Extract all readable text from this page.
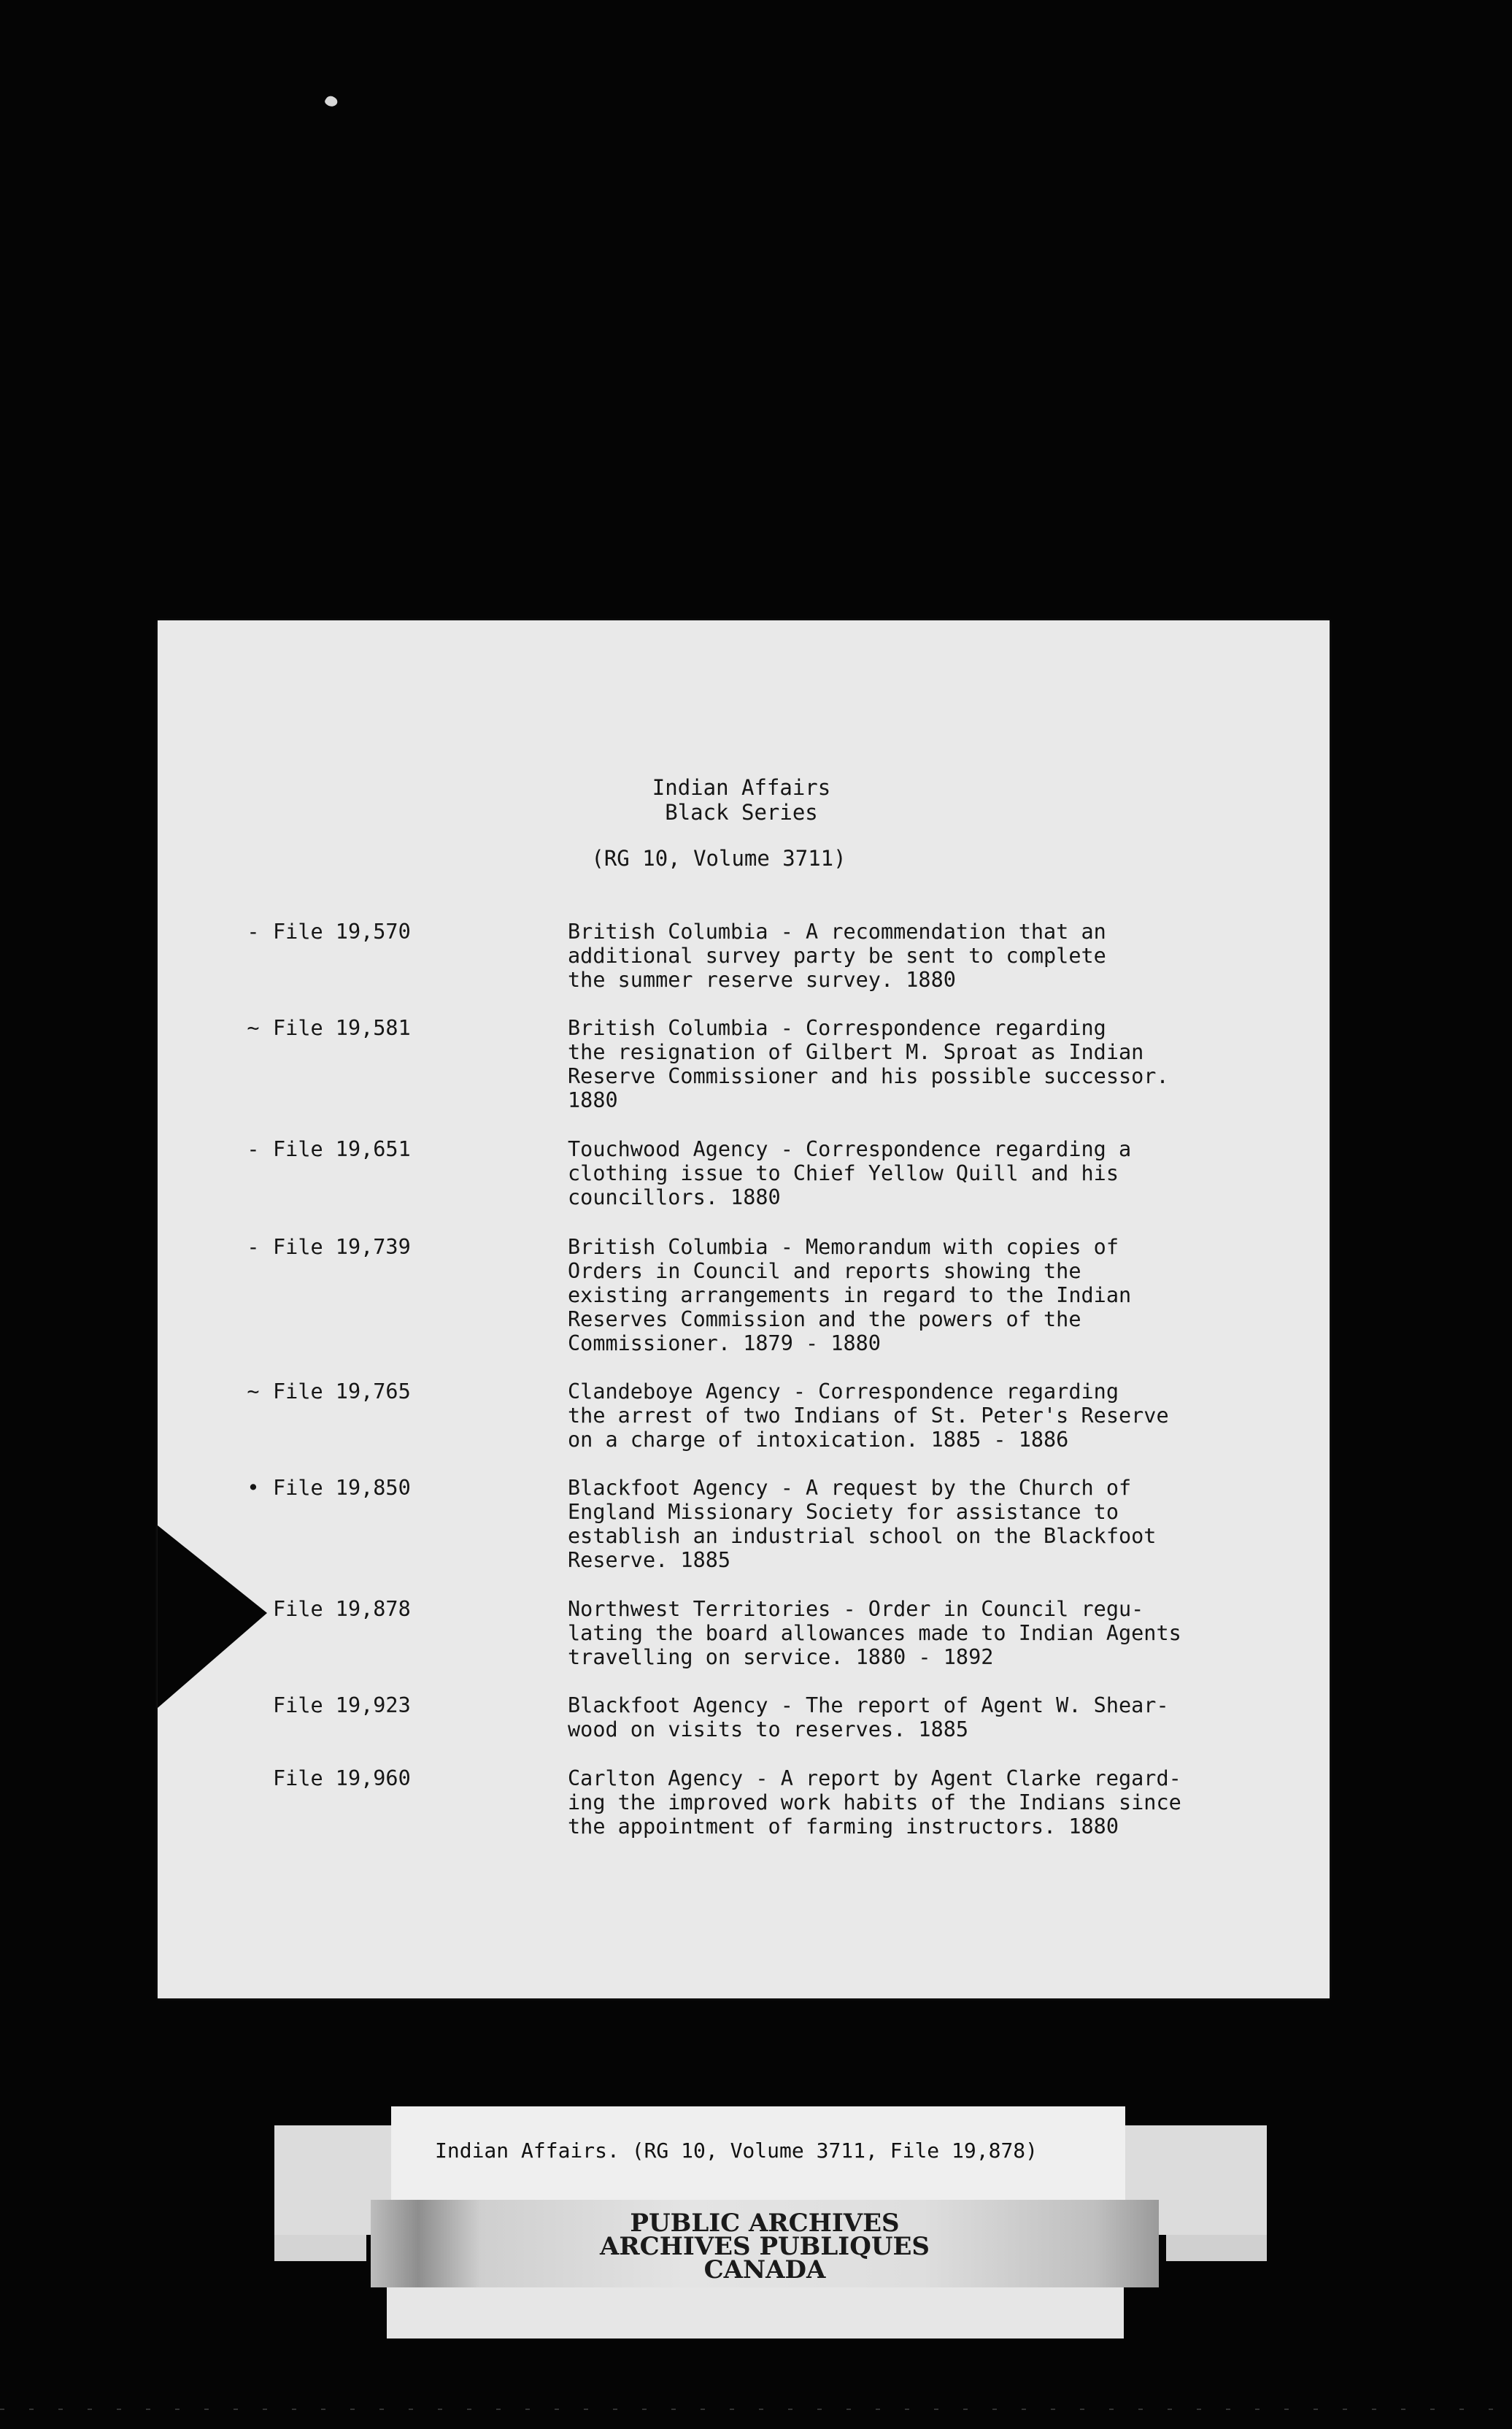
Indian Affairs
Black Series
(RG 10, Volume 3711)
- File 19,570	British Columbia - A recommendation that an
additional survey party be sent to complete
the summer reserve survey. 1880
~ File 19,581	British Columbia - Correspondence regarding
the resignation of Gilbert M. Sproat as Indian
Reserve Commissioner and his possible successor.
1880
- File 19,651	Touchwood Agency - Correspondence regarding a
clothing issue to Chief Yellow Quill and his
councillors. 1880
- File 19,739	British Columbia - Memorandum with copies of
Orders in Council and reports showing the
existing arrangements in regard to the Indian
Reserves Commission and the powers of the
Commissioner. 1879 - 1880
~ File 19,765	Clandeboye Agency - Correspondence regarding
the arrest of two Indians of St. Peter's Reserve
on a charge of intoxication. 1885 - 1886
• File 19,850	Blackfoot Agency - A request by the Church of
England Missionary Society for assistance to
establish an industrial school on the Blackfoot
Reserve. 1885
File 19,878	Northwest Territories - Order in Council regu-
lating the board allowances made to Indian Agents
travelling on service. 1880 - 1892
File 19,923	Blackfoot Agency - The report of Agent W. Shear-
wood on visits to reserves. 1885
File 19,960	Carlton Agency - A report by Agent Clarke regard-
ing the improved work habits of the Indians since
the appointment of farming instructors. 1880
Indian Affairs. (RG 10, Volume 3711, File 19,878)
PUBLIC ARCHIVES
ARCHIVES PUBLIQUES
CANADA
